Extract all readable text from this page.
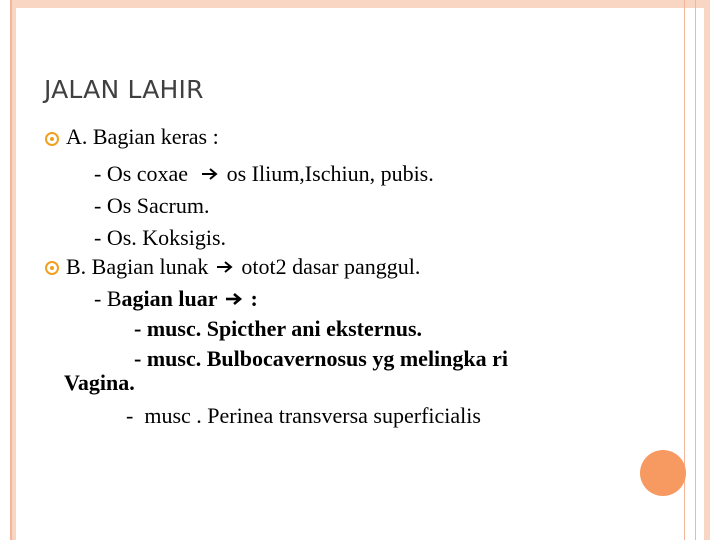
JALAN LAHIR
A. Bagian keras :
- Os coxae os Ilium,Ischiun, pubis.
- Os Sacrum.
- Os. Koksigis.
B. Bagian lunak otot2 dasar panggul.
- Bagian luar :
- musc. Spicther ani eksternus.
- musc. Bulbocavernosus yg melingka ri
Vagina.
-  musc . Perinea transversa superficialis
